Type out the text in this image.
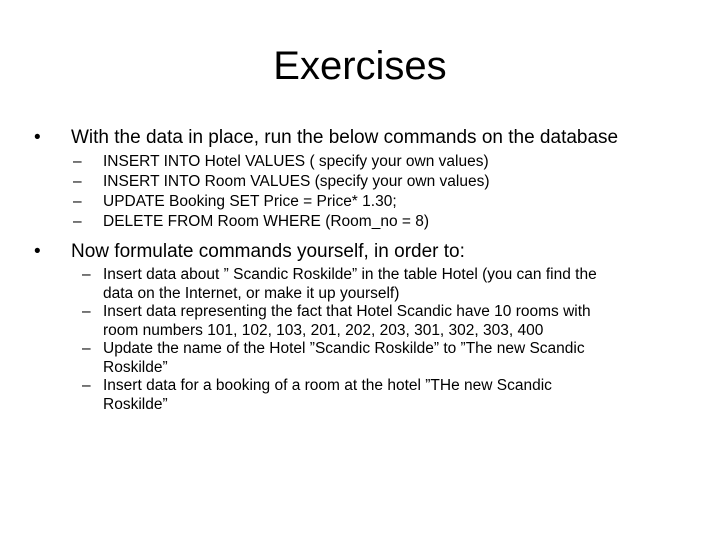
Exercises
• With the data in place, run the below commands on the database
– INSERT INTO Hotel VALUES ( specify your own values)
– INSERT INTO Room VALUES (specify your own values)
– UPDATE Booking SET Price = Price* 1.30;
– DELETE FROM Room WHERE (Room_no = 8)
• Now formulate commands yourself, in order to:
– Insert data about ” Scandic Roskilde” in the table Hotel (you can find the
data on the Internet, or make it up yourself)
– Insert data representing the fact that Hotel Scandic have 10 rooms with
room numbers 101, 102, 103, 201, 202, 203, 301, 302, 303, 400
– Update the name of the Hotel ”Scandic Roskilde” to ”The new Scandic
Roskilde”
– Insert data for a booking of a room at the hotel ”THe new Scandic
Roskilde”
